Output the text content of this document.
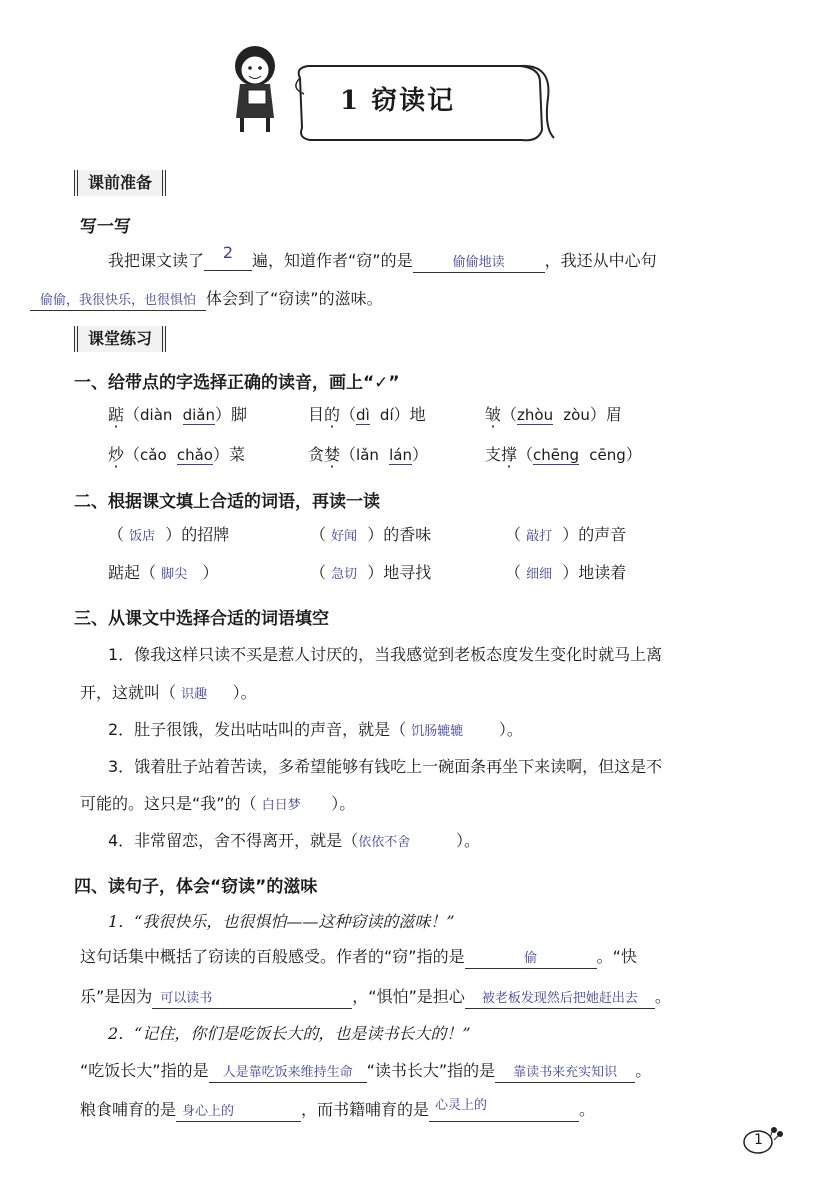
1 窃读记
课前准备
写一写
我把课文读了 2 遍，知道作者“窃”的是	偷偷地读	，我还从中心句
偷偷，我很快乐，也很惧怕 体会到了“窃读”的滋味。
课堂练习
一、给带点的字选择正确的读音，画上“✓”
踮（diàn diǎn）脚	目的（dì dí）地	皱（zhòu zòu）眉
炒（cǎo chǎo）菜	贪婪（lǎn lán）	支撑（chēng cēng）
二、根据课文填上合适的词语，再读一读
（ 饭店  ）的招牌	（ 好闻  ）的香味	（ 敲打  ）的声音
踮起（ 脚尖   ）	（ 急切  ）地寻找	（ 细细  ）地读着
三、从课文中选择合适的词语填空
1．像我这样只读不买是惹人讨厌的，当我感觉到老板态度发生变化时就马上离
开，这就叫（ 识趣 ）。
2．肚子很饿，发出咕咕叫的声音，就是（ 饥肠辘辘 ）。
3．饿着肚子站着苦读，多希望能够有钱吃上一碗面条再坐下来读啊，但这是不
可能的。这只是“我”的（ 白日梦 ）。
4．非常留恋，舍不得离开，就是（依依不舍	）。
四、读句子，体会“窃读”的滋味
1．“我很快乐，也很惧怕——这种窃读的滋味！”
这句话集中概括了窃读的百般感受。作者的“窃”指的是	偷	。“快
乐”是因为 可以读书	，“惧怕”是担心 被老板发现然后把她赶出去 。
2．“记住，你们是吃饭长大的，也是读书长大的！”
“吃饭长大”指的是 人是靠吃饭来维持生命 “读书长大”指的是 靠读书来充实知识 。
粮食哺育的是 身心上的	，而书籍哺育的是 $^{心灵上的}$	。
1
